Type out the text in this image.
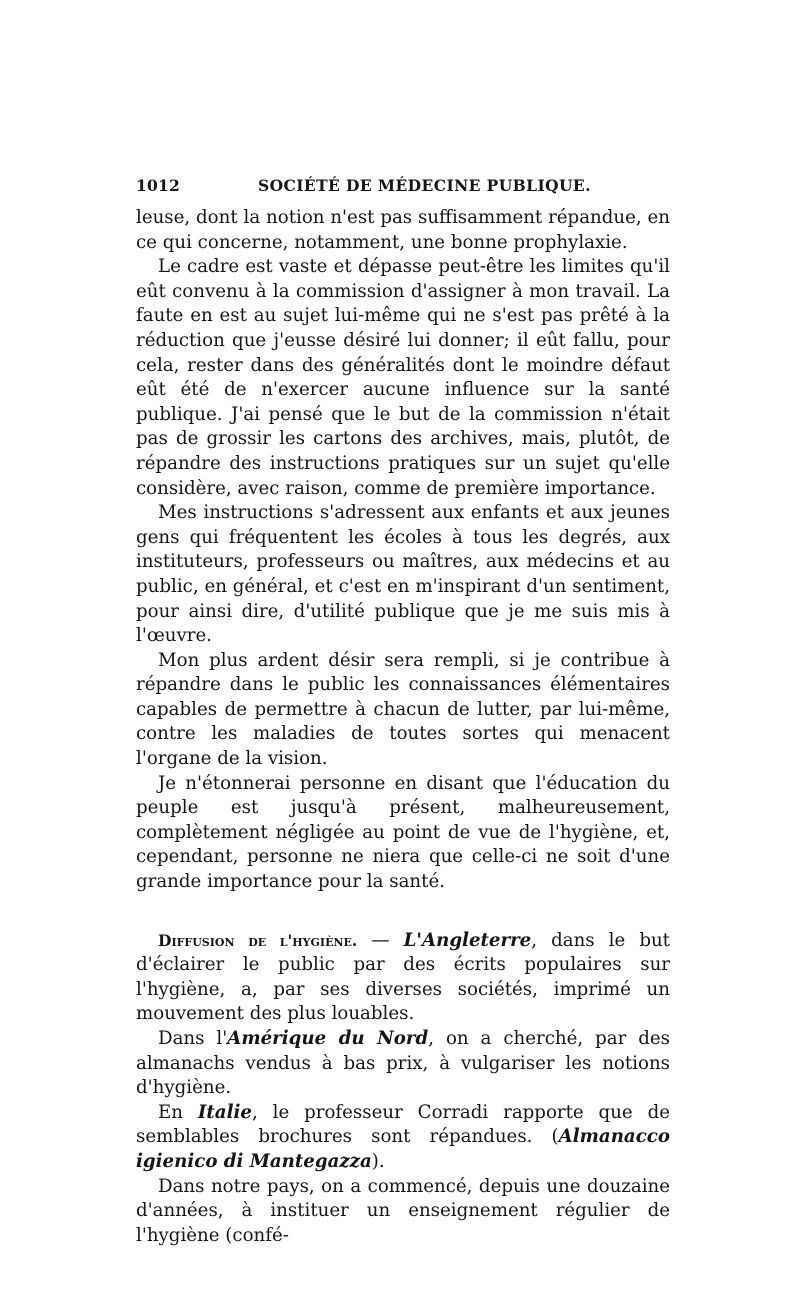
1012	SOCIÉTÉ DE MÉDECINE PUBLIQUE.

leuse, dont la notion n'est pas suffisamment répandue, en ce qui concerne, notamment, une bonne prophylaxie.

Le cadre est vaste et dépasse peut-être les limites qu'il eût convenu à la commission d'assigner à mon travail. La faute en est au sujet lui-même qui ne s'est pas prêté à la réduction que j'eusse désiré lui donner; il eût fallu, pour cela, rester dans des généralités dont le moindre défaut eût été de n'exercer aucune influence sur la santé publique. J'ai pensé que le but de la commission n'était pas de grossir les cartons des archives, mais, plutôt, de répandre des instructions pratiques sur un sujet qu'elle considère, avec raison, comme de première importance.

Mes instructions s'adressent aux enfants et aux jeunes gens qui fréquentent les écoles à tous les degrés, aux instituteurs, professeurs ou maîtres, aux médecins et au public, en général, et c'est en m'inspirant d'un sentiment, pour ainsi dire, d'utilité publique que je me suis mis à l'œuvre.

Mon plus ardent désir sera rempli, si je contribue à répandre dans le public les connaissances élémentaires capables de permettre à chacun de lutter, par lui-même, contre les maladies de toutes sortes qui menacent l'organe de la vision.

Je n'étonnerai personne en disant que l'éducation du peuple est jusqu'à présent, malheureusement, complètement négligée au point de vue de l'hygiène, et, cependant, personne ne niera que celle-ci ne soit d'une grande importance pour la santé.

Diffusion de l'hygiène. — L'Angleterre, dans le but d'éclairer le public par des écrits populaires sur l'hygiène, a, par ses diverses sociétés, imprimé un mouvement des plus louables.

Dans l'Amérique du Nord, on a cherché, par des almanachs vendus à bas prix, à vulgariser les notions d'hygiène.

En Italie, le professeur Corradi rapporte que de semblables brochures sont répandues. (Almanacco igienico di Mantegazza).

Dans notre pays, on a commencé, depuis une douzaine d'années, à instituer un enseignement régulier de l'hygiène (confé-
